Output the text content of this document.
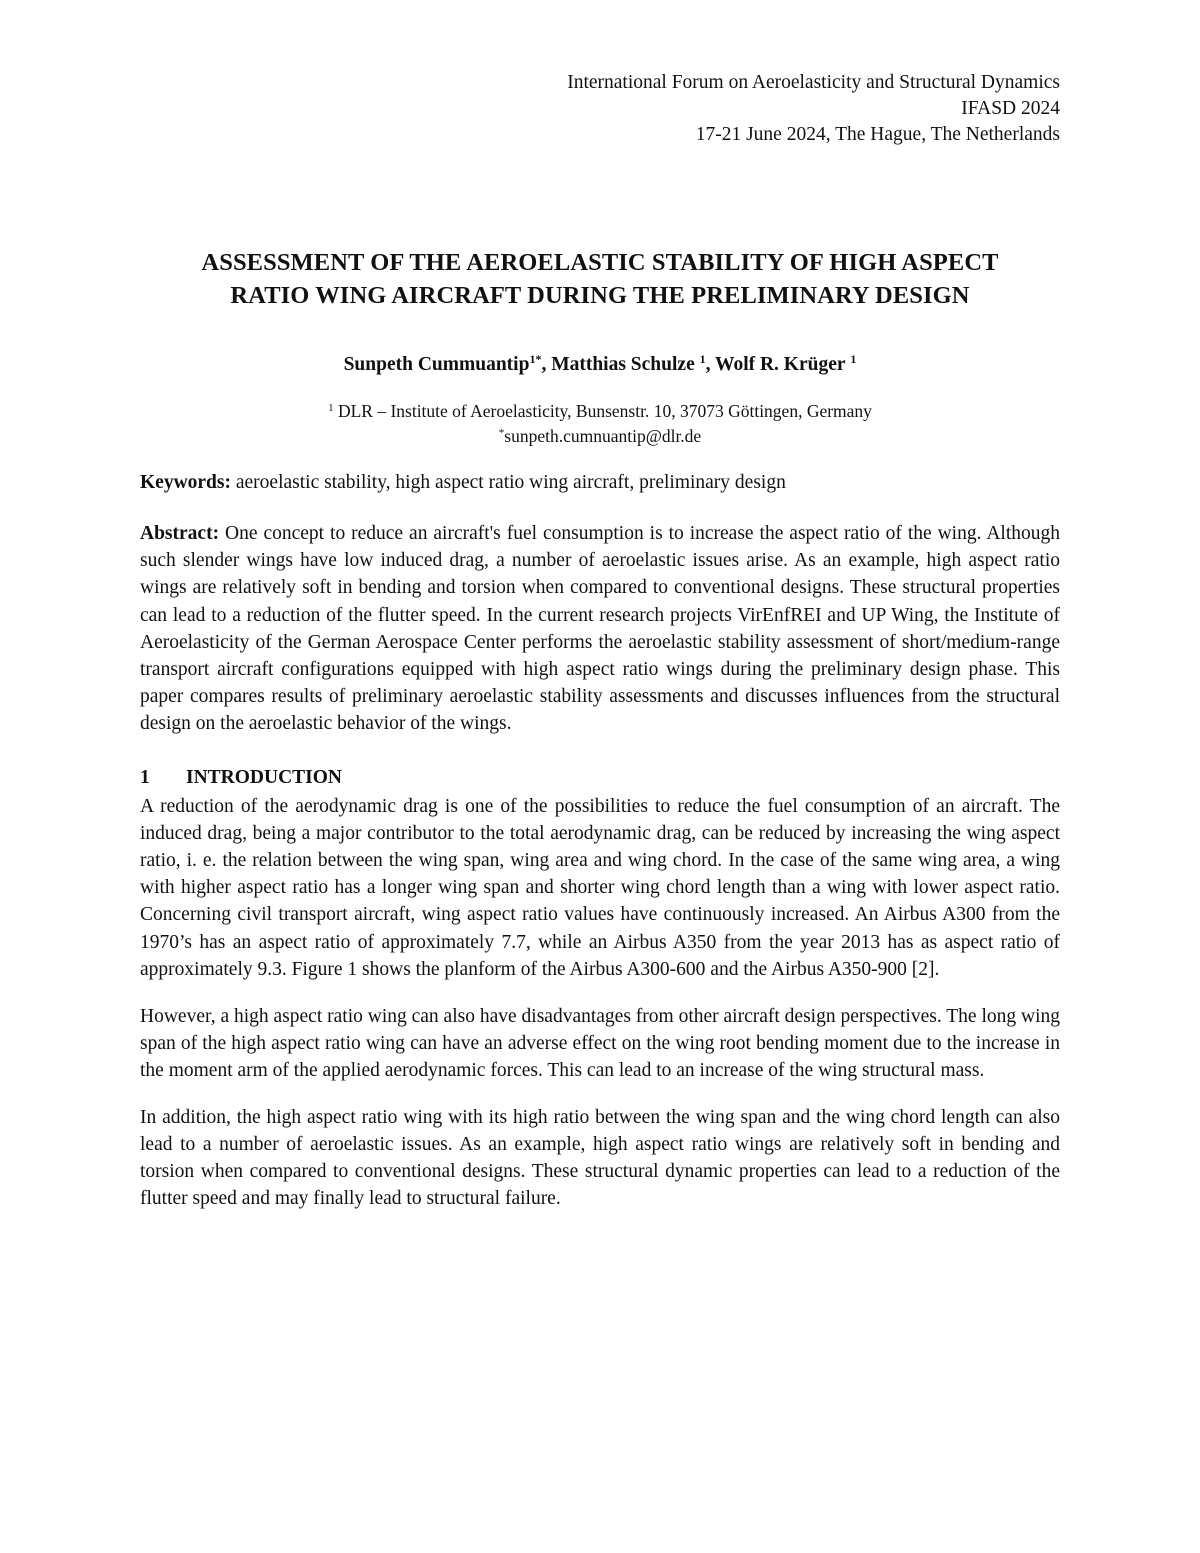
International Forum on Aeroelasticity and Structural Dynamics
IFASD 2024
17-21 June 2024, The Hague, The Netherlands
ASSESSMENT OF THE AEROELASTIC STABILITY OF HIGH ASPECT
RATIO WING AIRCRAFT DURING THE PRELIMINARY DESIGN
Sunpeth Cummuantip$^{1*}$, Matthias Schulze $^1$, Wolf R. Krüger $^1$
$^1$ DLR – Institute of Aeroelasticity, Bunsenstr. 10, 37073 Göttingen, Germany
*sunpeth.cumnuantip@dlr.de
Keywords: aeroelastic stability, high aspect ratio wing aircraft, preliminary design
Abstract: One concept to reduce an aircraft's fuel consumption is to increase the aspect ratio of the wing. Although such slender wings have low induced drag, a number of aeroelastic issues arise. As an example, high aspect ratio wings are relatively soft in bending and torsion when compared to conventional designs. These structural properties can lead to a reduction of the flutter speed. In the current research projects VirEnfREI and UP Wing, the Institute of Aeroelasticity of the German Aerospace Center performs the aeroelastic stability assessment of short/medium-range transport aircraft configurations equipped with high aspect ratio wings during the preliminary design phase. This paper compares results of preliminary aeroelastic stability assessments and discusses influences from the structural design on the aeroelastic behavior of the wings.
1	INTRODUCTION

A reduction of the aerodynamic drag is one of the possibilities to reduce the fuel consumption of an aircraft. The induced drag, being a major contributor to the total aerodynamic drag, can be reduced by increasing the wing aspect ratio, i. e. the relation between the wing span, wing area and wing chord. In the case of the same wing area, a wing with higher aspect ratio has a longer wing span and shorter wing chord length than a wing with lower aspect ratio. Concerning civil transport aircraft, wing aspect ratio values have continuously increased. An Airbus A300 from the 1970’s has an aspect ratio of approximately 7.7, while an Airbus A350 from the year 2013 has as aspect ratio of approximately 9.3. Figure 1 shows the planform of the Airbus A300-600 and the Airbus A350-900 [2].

However, a high aspect ratio wing can also have disadvantages from other aircraft design perspectives. The long wing span of the high aspect ratio wing can have an adverse effect on the wing root bending moment due to the increase in the moment arm of the applied aerodynamic forces. This can lead to an increase of the wing structural mass.

In addition, the high aspect ratio wing with its high ratio between the wing span and the wing chord length can also lead to a number of aeroelastic issues. As an example, high aspect ratio wings are relatively soft in bending and torsion when compared to conventional designs. These structural dynamic properties can lead to a reduction of the flutter speed and may finally lead to structural failure.
